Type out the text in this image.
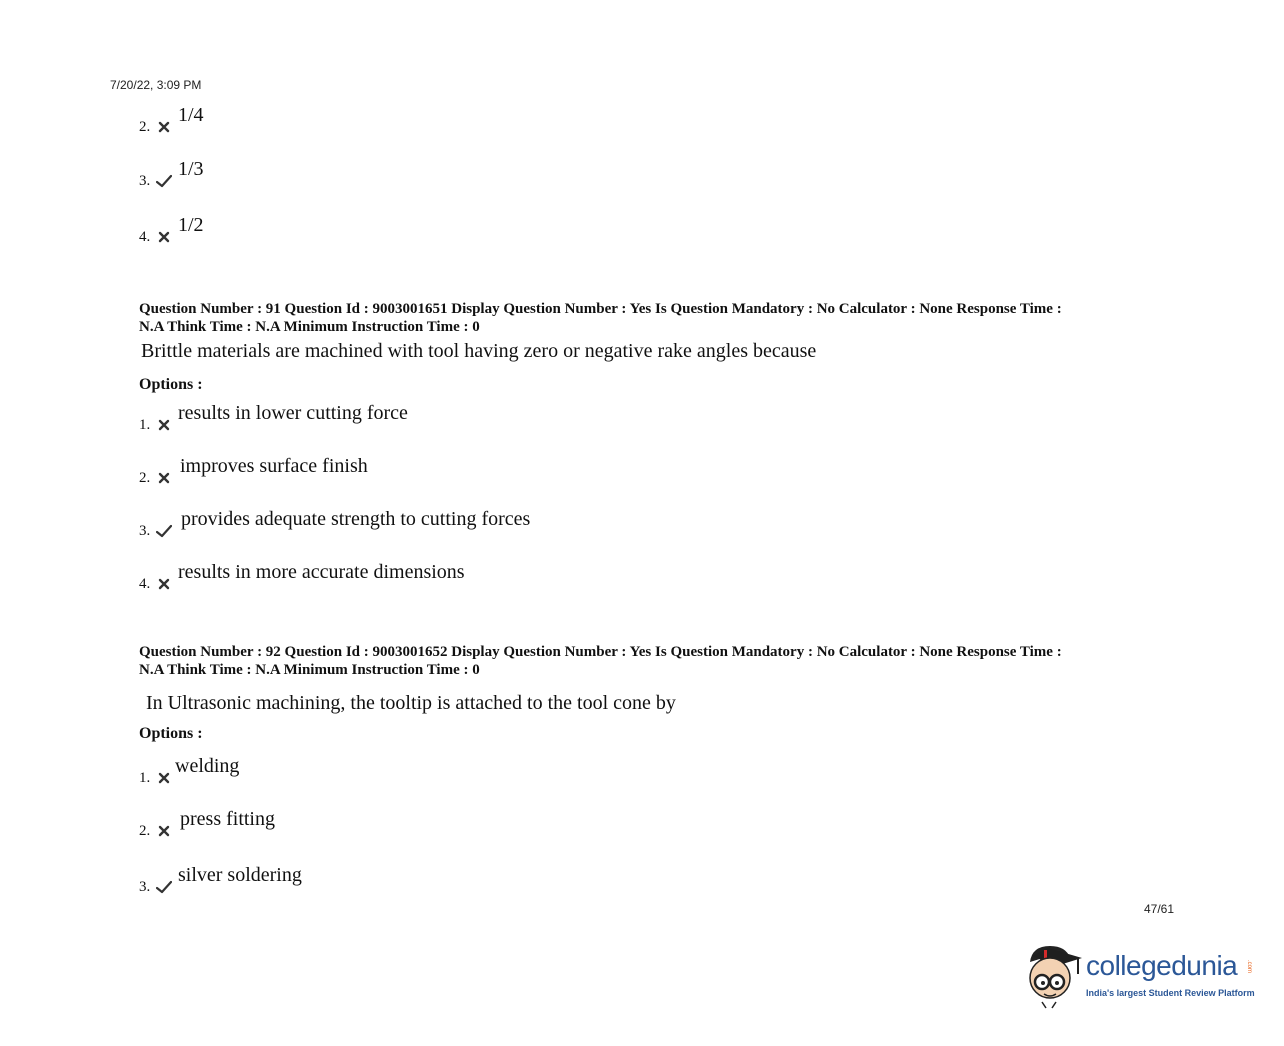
7/20/22, 3:09 PM
2.
1/4
3.
1/3
4.
1/2
Question Number : 91 Question Id : 9003001651 Display Question Number : Yes Is Question Mandatory : No Calculator : None Response Time :
N.A Think Time : N.A Minimum Instruction Time : 0
Brittle materials are machined with tool having zero or negative rake angles because
Options :
1.
results in lower cutting force
2.
improves surface finish
3.
provides adequate strength to cutting forces
4.
results in more accurate dimensions
Question Number : 92 Question Id : 9003001652 Display Question Number : Yes Is Question Mandatory : No Calculator : None Response Time :
N.A Think Time : N.A Minimum Instruction Time : 0
In Ultrasonic machining, the tooltip is attached to the tool cone by
Options :
1.
welding
2.
press fitting
3.
silver soldering
47/61
collegedunia .com
India's largest Student Review Platform
